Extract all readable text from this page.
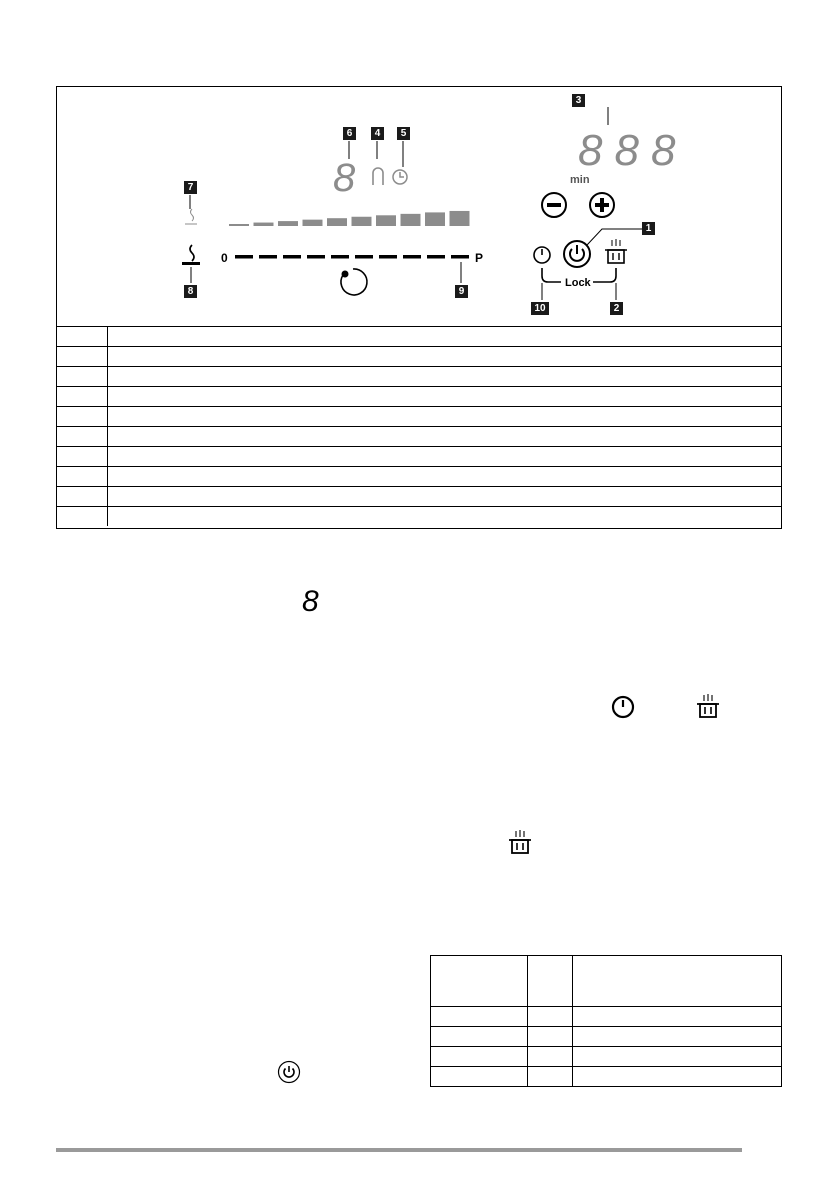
888
min
Lock
8
0	P
3
6	4	5
7
1
8	9
10	2

8
